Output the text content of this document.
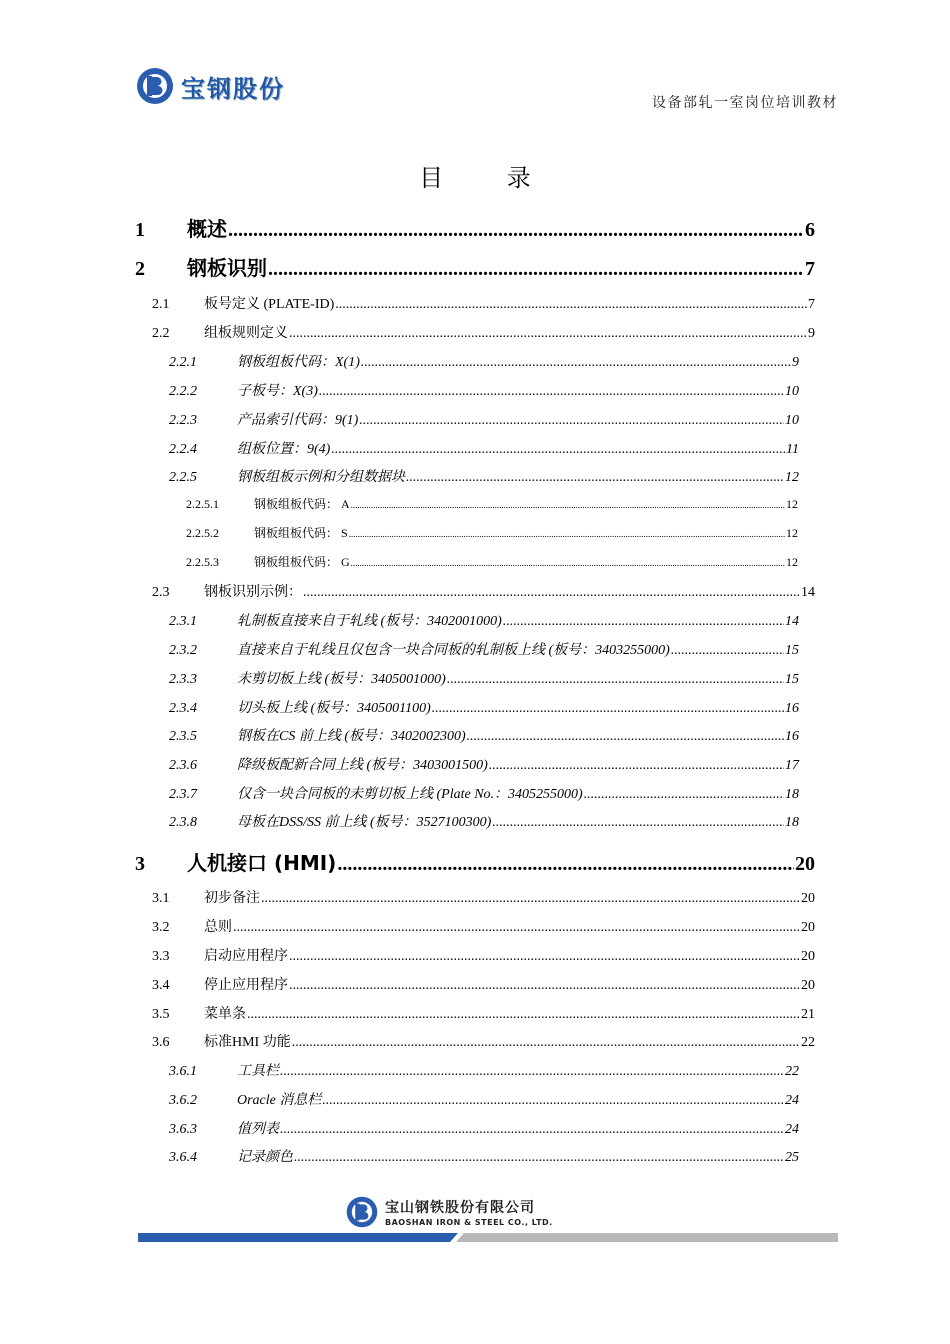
宝钢股份
设备部轧一室岗位培训教材
目 录
1	概述 .....	6
2	钢板识别 .....	7
2.1	板号定义 (PLATE-ID) .....	7
2.2	组板规则定义 .....	9
2.2.1	钢板组板代码：X(1) .....	9
2.2.2	子板号：X(3) .....	10
2.2.3	产品索引代码：9(1) .....	10
2.2.4	组板位置：9(4) .....	11
2.2.5	钢板组板示例和分组数据块 .....	12
2.2.5.1	钢板组板代码： A .....	12
2.2.5.2	钢板组板代码： S .....	12
2.2.5.3	钢板组板代码： G .....	12
2.3	钢板识别示例： .....	14
2.3.1	轧制板直接来自于轧线 (板号：3402001000) .....	14
2.3.2	直接来自于轧线且仅包含一块合同板的轧制板上线 (板号：3403255000) .....	15
2.3.3	未剪切板上线 (板号：3405001000) .....	15
2.3.4	切头板上线 (板号：3405001100) .....	16
2.3.5	钢板在CS 前上线 (板号：3402002300) .....	16
2.3.6	降级板配新合同上线 (板号：3403001500) .....	17
2.3.7	仅含一块合同板的未剪切板上线 (Plate No.：3405255000) .....	18
2.3.8	母板在DSS/SS 前上线 (板号：3527100300) .....	18
3	人机接口 (HMI) .....	20
3.1	初步备注 .....	20
3.2	总则 .....	20
3.3	启动应用程序 .....	20
3.4	停止应用程序 .....	20
3.5	菜单条 .....	21
3.6	标准HMI 功能 .....	22
3.6.1	工具栏 .....	22
3.6.2	Oracle 消息栏 .....	24
3.6.3	值列表 .....	24
3.6.4	记录颜色 .....	25
宝山钢铁股份有限公司
BAOSHAN IRON & STEEL CO., LTD.
